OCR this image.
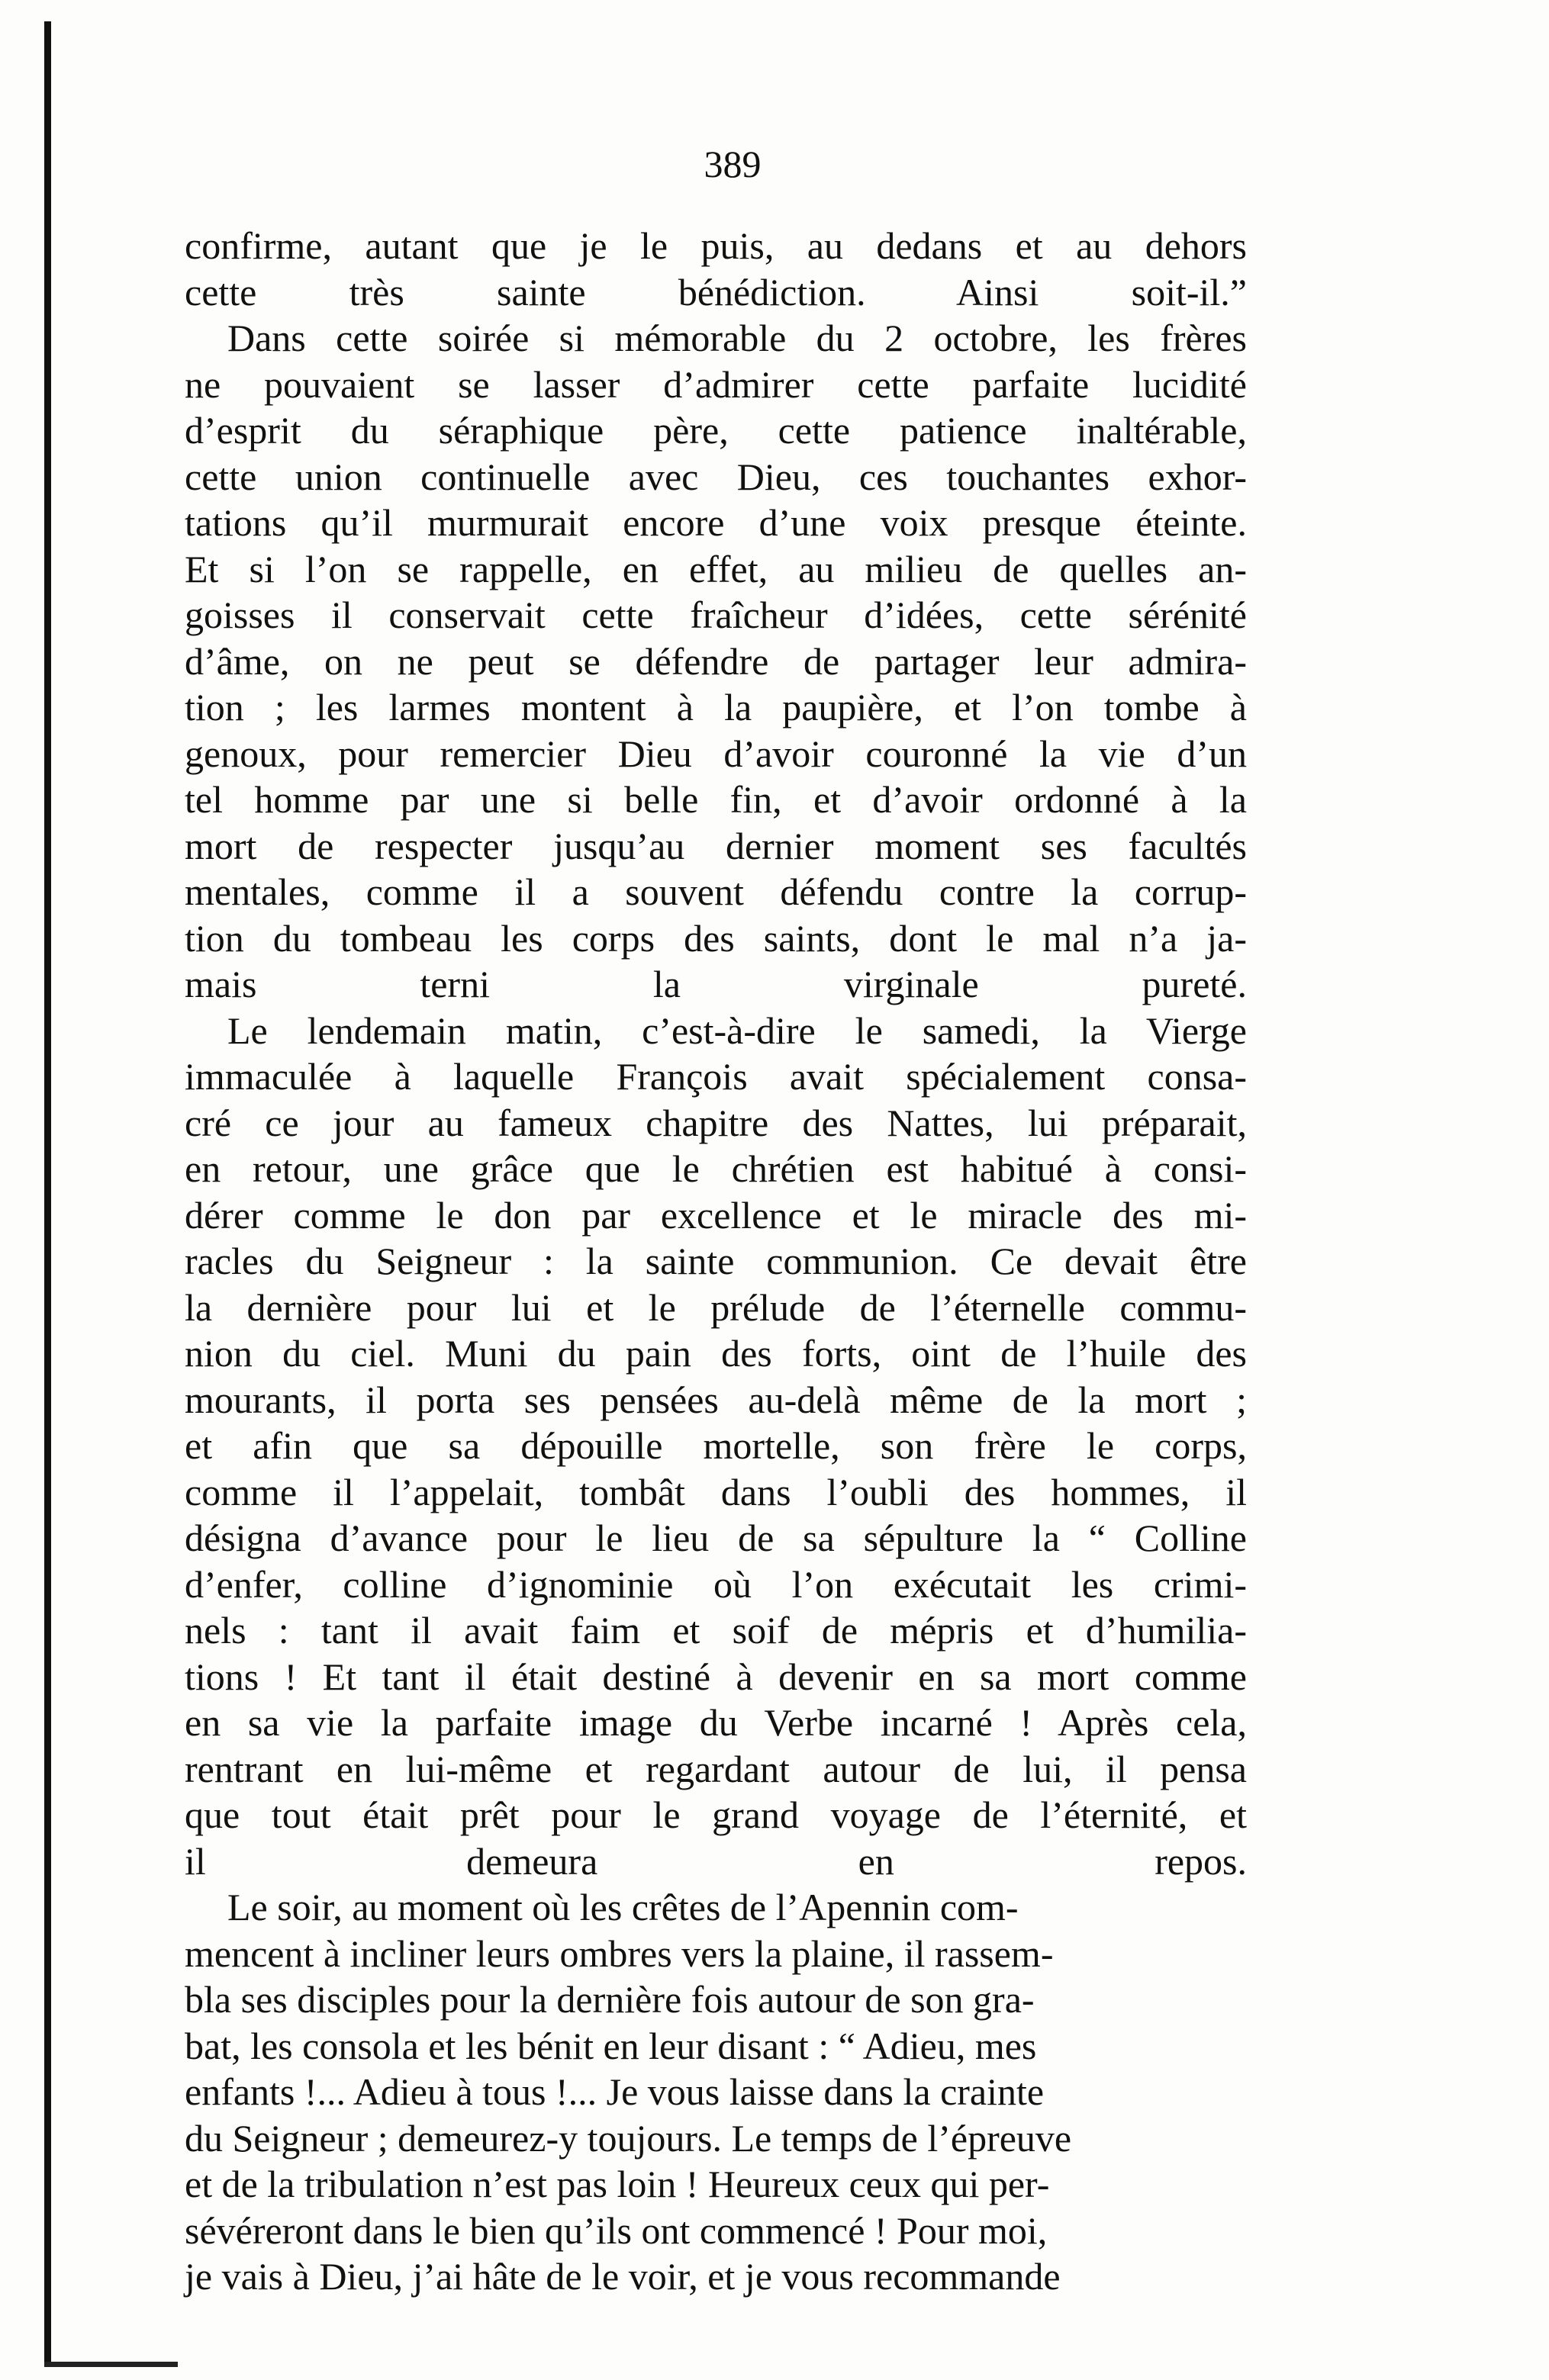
389

confirme, autant que je le puis, au dedans et au dehors
cette très sainte bénédiction. Ainsi soit-il.”

Dans cette soirée si mémorable du 2 octobre, les frères
ne pouvaient se lasser d’admirer cette parfaite lucidité
d’esprit du séraphique père, cette patience inaltérable,
cette union continuelle avec Dieu, ces touchantes exhor-
tations qu’il murmurait encore d’une voix presque éteinte.
Et si l’on se rappelle, en effet, au milieu de quelles an-
goisses il conservait cette fraîcheur d’idées, cette sérénité
d’âme, on ne peut se défendre de partager leur admira-
tion ; les larmes montent à la paupière, et l’on tombe à
genoux, pour remercier Dieu d’avoir couronné la vie d’un
tel homme par une si belle fin, et d’avoir ordonné à la
mort de respecter jusqu’au dernier moment ses facultés
mentales, comme il a souvent défendu contre la corrup-
tion du tombeau les corps des saints, dont le mal n’a ja-
mais terni la virginale pureté.

Le lendemain matin, c’est-à-dire le samedi, la Vierge
immaculée à laquelle François avait spécialement consa-
cré ce jour au fameux chapitre des Nattes, lui préparait,
en retour, une grâce que le chrétien est habitué à consi-
dérer comme le don par excellence et le miracle des mi-
racles du Seigneur : la sainte communion. Ce devait être
la dernière pour lui et le prélude de l’éternelle commu-
nion du ciel. Muni du pain des forts, oint de l’huile des
mourants, il porta ses pensées au-delà même de la mort ;
et afin que sa dépouille mortelle, son frère le corps,
comme il l’appelait, tombât dans l’oubli des hommes, il
désigna d’avance pour le lieu de sa sépulture la “ Colline
d’enfer, colline d’ignominie où l’on exécutait les crimi-
nels : tant il avait faim et soif de mépris et d’humilia-
tions ! Et tant il était destiné à devenir en sa mort comme
en sa vie la parfaite image du Verbe incarné ! Après cela,
rentrant en lui-même et regardant autour de lui, il pensa
que tout était prêt pour le grand voyage de l’éternité, et
il demeura en repos.

Le soir, au moment où les crêtes de l’Apennin com-
mencent à incliner leurs ombres vers la plaine, il rassem-
bla ses disciples pour la dernière fois autour de son gra-
bat, les consola et les bénit en leur disant : “ Adieu, mes
enfants !... Adieu à tous !... Je vous laisse dans la crainte
du Seigneur ; demeurez-y toujours. Le temps de l’épreuve
et de la tribulation n’est pas loin ! Heureux ceux qui per-
sévéreront dans le bien qu’ils ont commencé ! Pour moi,
je vais à Dieu, j’ai hâte de le voir, et je vous recommande
